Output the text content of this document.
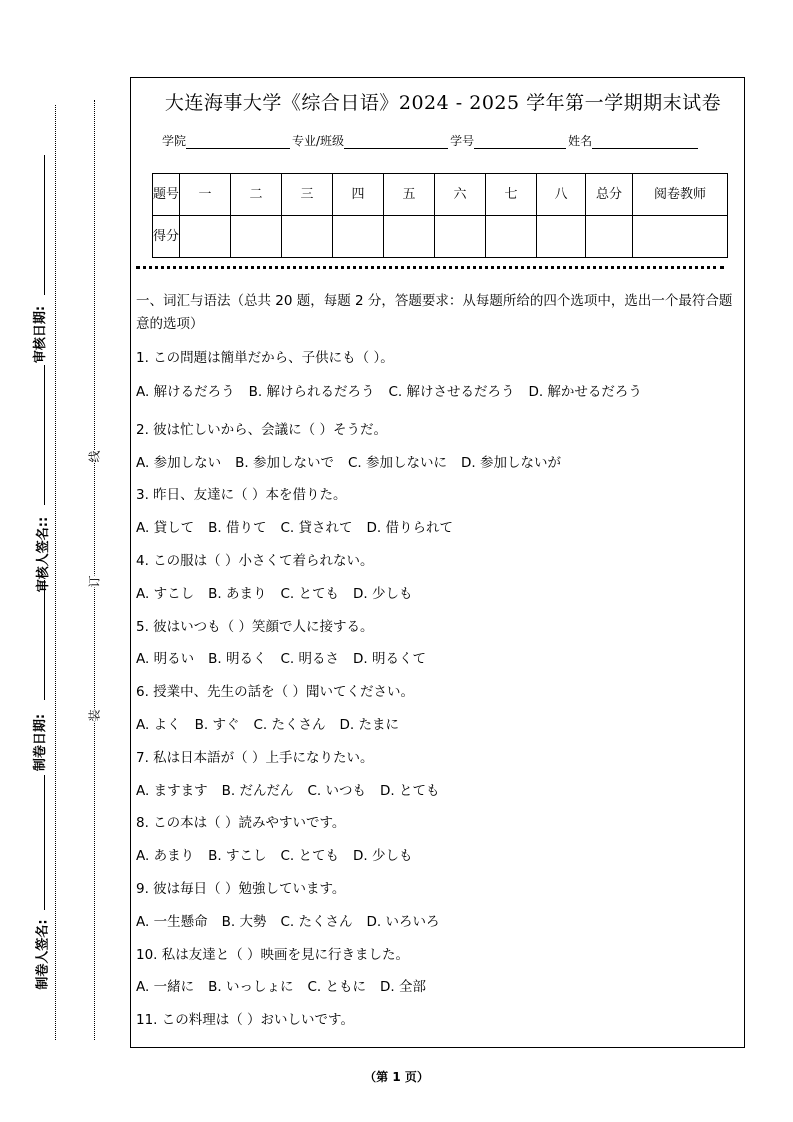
审核日期:
审核人签名::
制卷日期:
制卷人签名:
线
订
装
大连海事大学《综合日语》2024 - 2025 学年第一学期期末试卷
学院	专业/班级	学号	姓名
题号	一	二	三	四	五	六	七	八	总分	阅卷教师
得分										
一、词汇与语法（总共 20 题，每题 2 分，答题要求：从每题所给的四个选项中，选出一个最符合题意的选项）
1. この問題は簡単だから、子供にも（ ）。
A. 解けるだろう B. 解けられるだろう C. 解けさせるだろう D. 解かせるだろう
2. 彼は忙しいから、会議に（ ）そうだ。
A. 参加しない B. 参加しないで C. 参加しないに D. 参加しないが
3. 昨日、友達に（ ）本を借りた。
A. 貸して B. 借りて C. 貸されて D. 借りられて
4. この服は（ ）小さくて着られない。
A. すこし B. あまり C. とても D. 少しも
5. 彼はいつも（ ）笑顔で人に接する。
A. 明るい B. 明るく C. 明るさ D. 明るくて
6. 授業中、先生の話を（ ）聞いてください。
A. よく B. すぐ C. たくさん D. たまに
7. 私は日本語が（ ）上手になりたい。
A. ますます B. だんだん C. いつも D. とても
8. この本は（ ）読みやすいです。
A. あまり B. すこし C. とても D. 少しも
9. 彼は毎日（ ）勉強しています。
A. 一生懸命 B. 大勢 C. たくさん D. いろいろ
10. 私は友達と（ ）映画を見に行きました。
A. 一緒に B. いっしょに C. ともに D. 全部
11. この料理は（ ）おいしいです。
（第 1 页）
